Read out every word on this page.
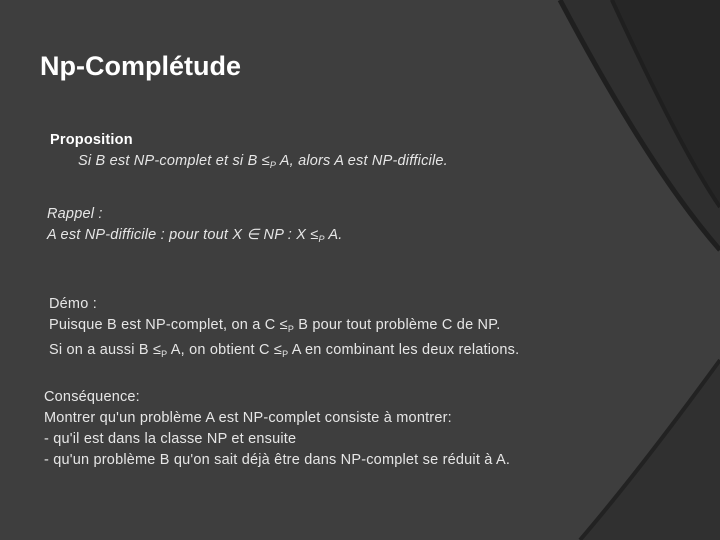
Np-Complétude
Proposition
Si B est NP-complet et si $B \le_P$ A, alors A est NP-difficile.
Rappel :
A est NP-difficile : pour tout X ∈ NP : $X \le_P$ A.
Démo :
Puisque B est NP-complet, on a $C \le_P$ B pour tout problème C de NP.
Si on a aussi $B \le_P$ A, on obtient $C \le_P$ A en combinant les deux relations.
Conséquence:
Montrer qu'un problème A est NP-complet consiste à montrer:
- qu'il est dans la classe NP et ensuite
- qu'un problème B qu'on sait déjà être dans NP-complet se réduit à A.
